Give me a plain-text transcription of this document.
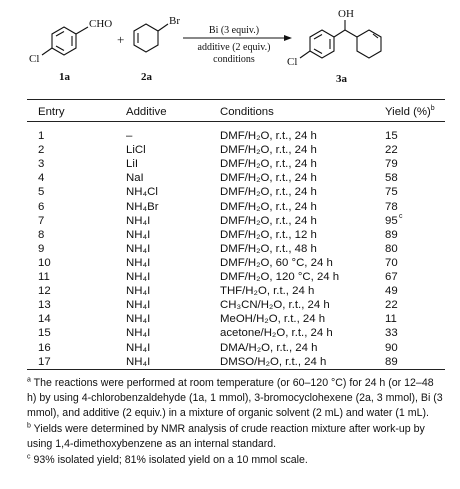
CHO
Cl
1a
+
Br
2a
Bi (3 equiv.)
additive (2 equiv.)
conditions
OH
Cl
3a
Entry	Additive	Conditions	Yield (%)$^b$
1	–	DMF/H₂O, r.t., 24 h	15
2	LiCl	DMF/H₂O, r.t., 24 h	22
3	LiI	DMF/H₂O, r.t., 24 h	79
4	NaI	DMF/H₂O, r.t., 24 h	58
5	NH₄Cl	DMF/H₂O, r.t., 24 h	75
6	NH₄Br	DMF/H₂O, r.t., 24 h	78
7	NH₄I	DMF/H₂O, r.t., 24 h	95 c
8	NH₄I	DMF/H₂O, r.t., 12 h	89
9	NH₄I	DMF/H₂O, r.t., 48 h	80
10	NH₄I	DMF/H₂O, 60 °C, 24 h	70
11	NH₄I	DMF/H₂O, 120 °C, 24 h	67
12	NH₄I	THF/H₂O, r.t., 24 h	49
13	NH₄I	CH₃CN/H₂O, r.t., 24 h	22
14	NH₄I	MeOH/H₂O, r.t., 24 h	11
15	NH₄I	acetone/H₂O, r.t., 24 h	33
16	NH₄I	DMA/H₂O, r.t., 24 h	90
17	NH₄I	DMSO/H₂O, r.t., 24 h	89

$^a$ The reactions were performed at room temperature (or 60–120 °C) for 24 h (or 12–48 h) by using 4-chlorobenzaldehyde (1a, 1 mmol), 3-bromocyclohexene (2a, 3 mmol), Bi (3 mmol), and additive (2 equiv.) in a mixture of organic solvent (2 mL) and water (1 mL).

$^b$ Yields were determined by NMR analysis of crude reaction mixture after work-up by using 1,4-dimethoxybenzene as an internal standard.

$^c$ 93% isolated yield; 81% isolated yield on a 10 mmol scale.
